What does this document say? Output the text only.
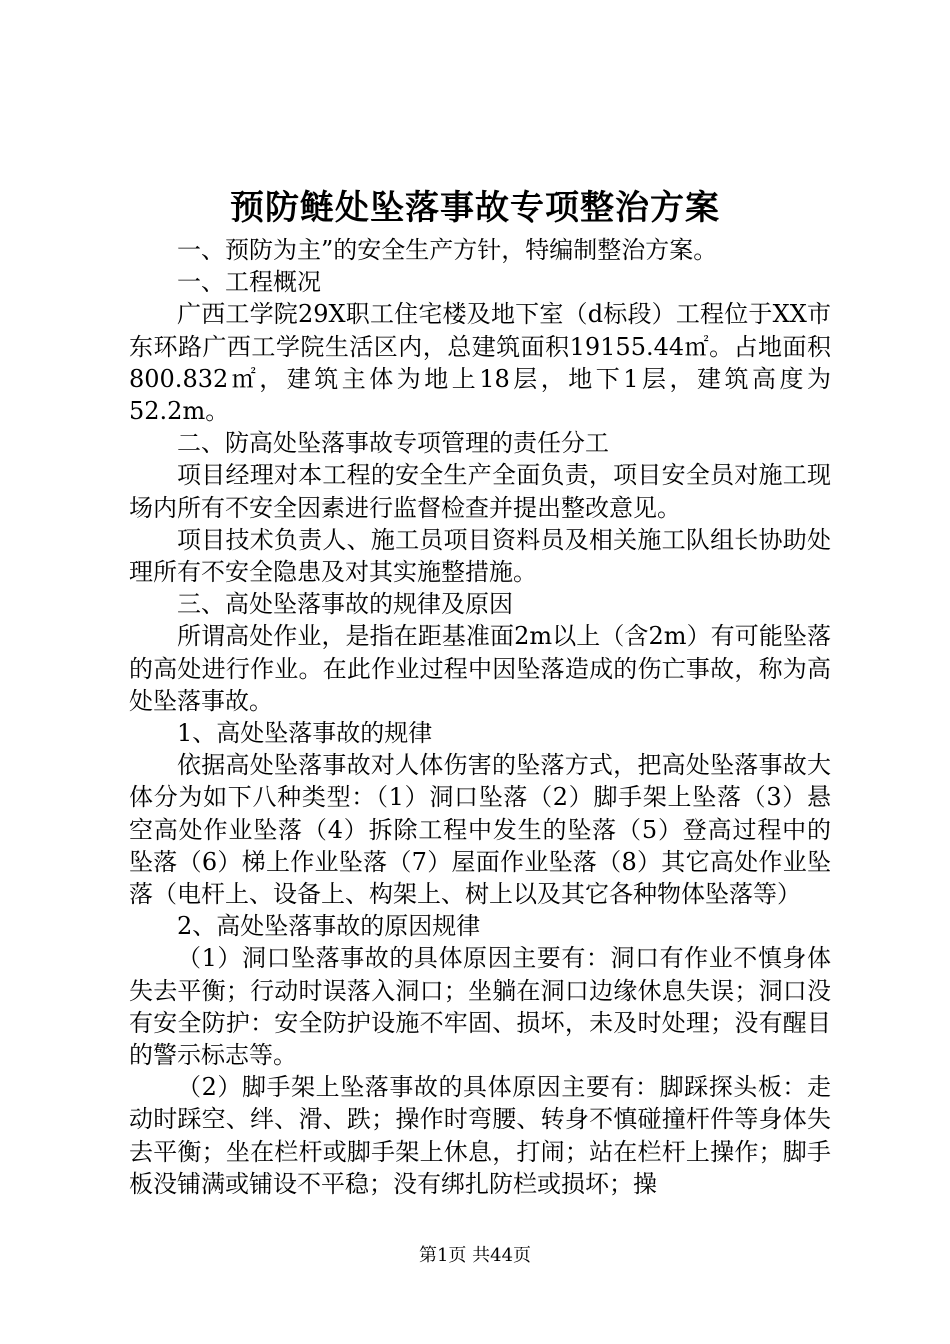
预防鲢处坠落事故专项整治方案

一、预防为主”的安全生产方针，特编制整治方案。

一、工程概况

广西工学院29X职工住宅楼及地下室（d标段）工程位于XX市东环路广西工学院生活区内，总建筑面积19155.44㎡。占地面积800.832㎡，建筑主体为地上18层，地下1层，建筑高度为52.2m。

二、防高处坠落事故专项管理的责任分工

项目经理对本工程的安全生产全面负责，项目安全员对施工现场内所有不安全因素进行监督检查并提出整改意见。

项目技术负责人、施工员项目资料员及相关施工队组长协助处理所有不安全隐患及对其实施整措施。

三、高处坠落事故的规律及原因

所谓高处作业，是指在距基准面2m以上（含2m）有可能坠落的高处进行作业。在此作业过程中因坠落造成的伤亡事故，称为高处坠落事故。

1、高处坠落事故的规律

依据高处坠落事故对人体伤害的坠落方式，把高处坠落事故大体分为如下八种类型：（1）洞口坠落（2）脚手架上坠落（3）悬空高处作业坠落（4）拆除工程中发生的坠落（5）登高过程中的坠落（6）梯上作业坠落（7）屋面作业坠落（8）其它高处作业坠落（电杆上、设备上、构架上、树上以及其它各种物体坠落等）

2、高处坠落事故的原因规律

（1）洞口坠落事故的具体原因主要有：洞口有作业不慎身体失去平衡；行动时误落入洞口；坐躺在洞口边缘休息失误；洞口没有安全防护：安全防护设施不牢固、损坏，未及时处理；没有醒目的警示标志等。

（2）脚手架上坠落事故的具体原因主要有：脚踩探头板：走动时踩空、绊、滑、跌；操作时弯腰、转身不慎碰撞杆件等身体失去平衡；坐在栏杆或脚手架上休息，打闹；站在栏杆上操作；脚手板没铺满或铺设不平稳；没有绑扎防栏或损坏；操

第1页 共44页
